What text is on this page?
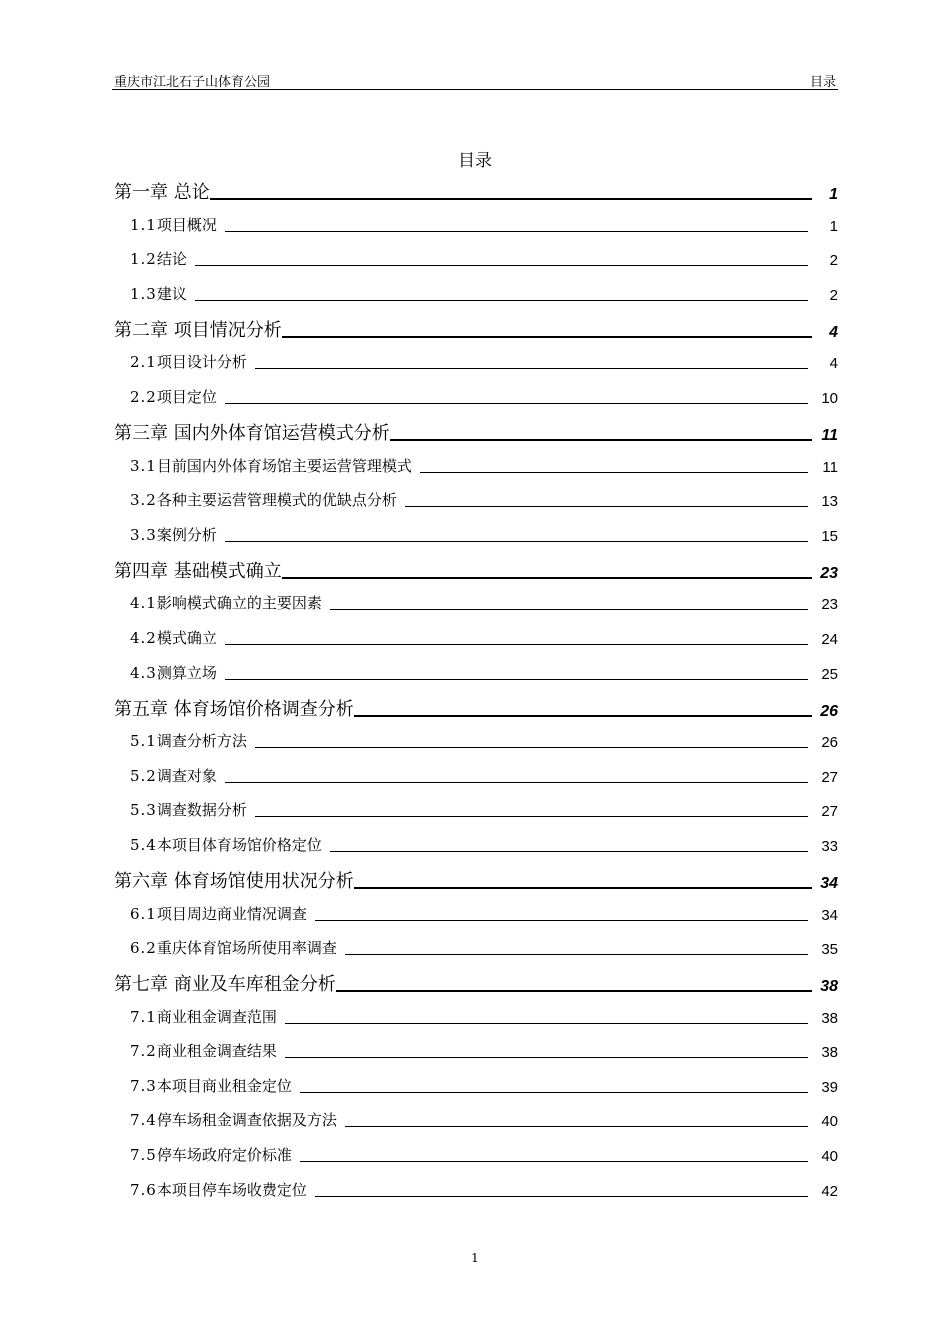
重庆市江北石子山体育公园	目录
目录
第一章 总论	1
1.1项目概况	1
1.2结论	2
1.3建议	2
第二章 项目情况分析	4
2.1项目设计分析	4
2.2项目定位	10
第三章 国内外体育馆运营模式分析	11
3.1目前国内外体育场馆主要运营管理模式	11
3.2各种主要运营管理模式的优缺点分析	13
3.3案例分析	15
第四章 基础模式确立	23
4.1影响模式确立的主要因素	23
4.2模式确立	24
4.3测算立场	25
第五章 体育场馆价格调查分析	26
5.1调查分析方法	26
5.2调查对象	27
5.3调查数据分析	27
5.4本项目体育场馆价格定位	33
第六章 体育场馆使用状况分析	34
6.1项目周边商业情况调查	34
6.2重庆体育馆场所使用率调查	35
第七章 商业及车库租金分析	38
7.1商业租金调查范围	38
7.2商业租金调查结果	38
7.3本项目商业租金定位	39
7.4停车场租金调查依据及方法	40
7.5停车场政府定价标准	40
7.6本项目停车场收费定位	42
1
